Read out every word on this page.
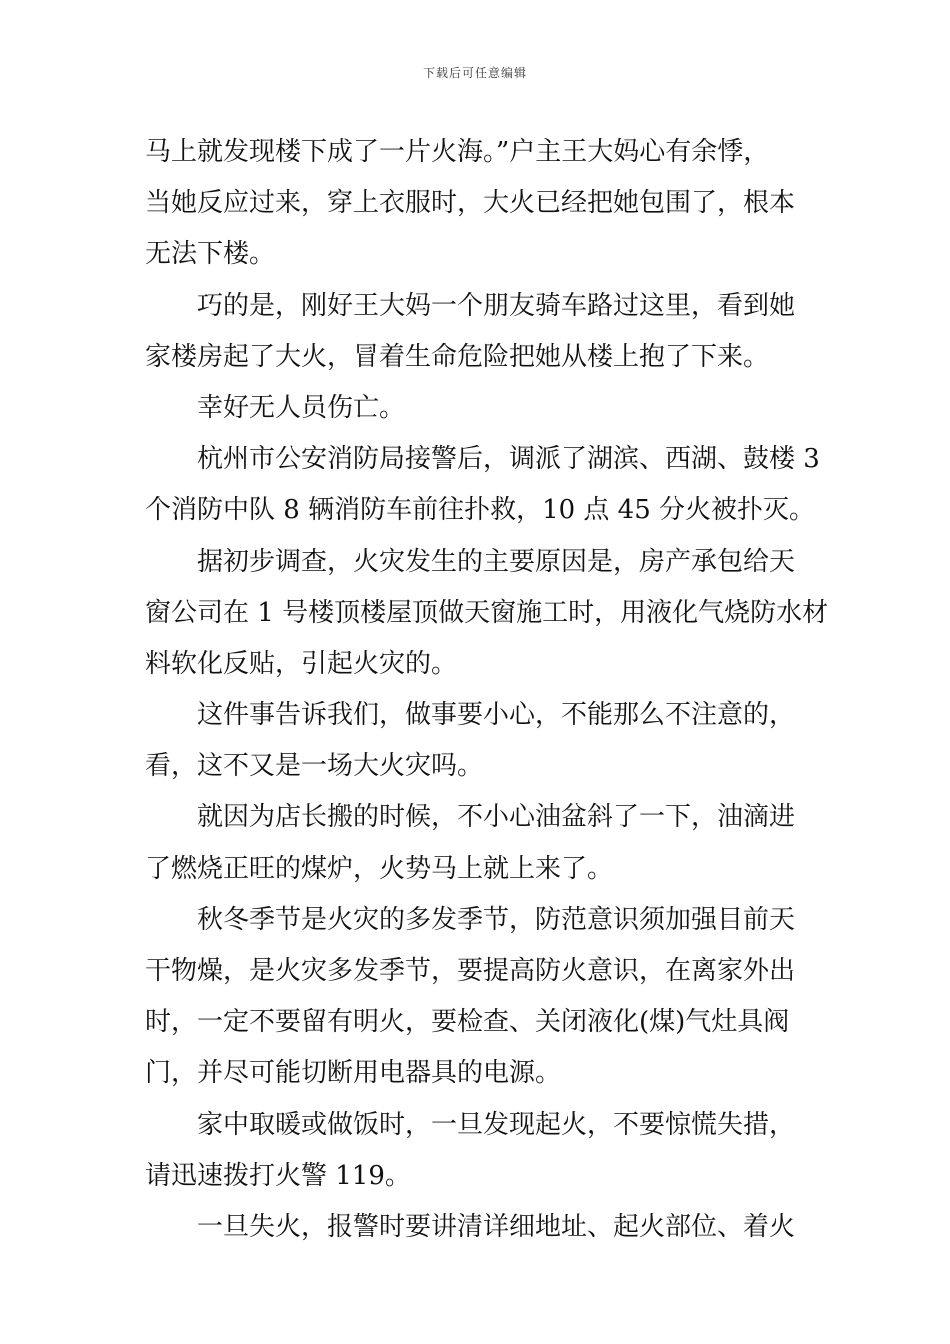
下载后可任意编辑
马上就发现楼下成了一片火海。”户主王大妈心有余悸，
当她反应过来，穿上衣服时，大火已经把她包围了，根本
无法下楼。
巧的是，刚好王大妈一个朋友骑车路过这里，看到她
家楼房起了大火，冒着生命危险把她从楼上抱了下来。
幸好无人员伤亡。
杭州市公安消防局接警后，调派了湖滨、西湖、鼓楼 3
个消防中队 8 辆消防车前往扑救，10 点 45 分火被扑灭。
据初步调查，火灾发生的主要原因是，房产承包给天
窗公司在 1 号楼顶楼屋顶做天窗施工时，用液化气烧防水材
料软化反贴，引起火灾的。
这件事告诉我们，做事要小心，不能那么不注意的，
看，这不又是一场大火灾吗。
就因为店长搬的时候，不小心油盆斜了一下，油滴进
了燃烧正旺的煤炉，火势马上就上来了。
秋冬季节是火灾的多发季节，防范意识须加强目前天
干物燥，是火灾多发季节，要提高防火意识，在离家外出
时，一定不要留有明火，要检查、关闭液化(煤)气灶具阀
门，并尽可能切断用电器具的电源。
家中取暖或做饭时，一旦发现起火，不要惊慌失措，
请迅速拨打火警 119。
一旦失火，报警时要讲清详细地址、起火部位、着火
